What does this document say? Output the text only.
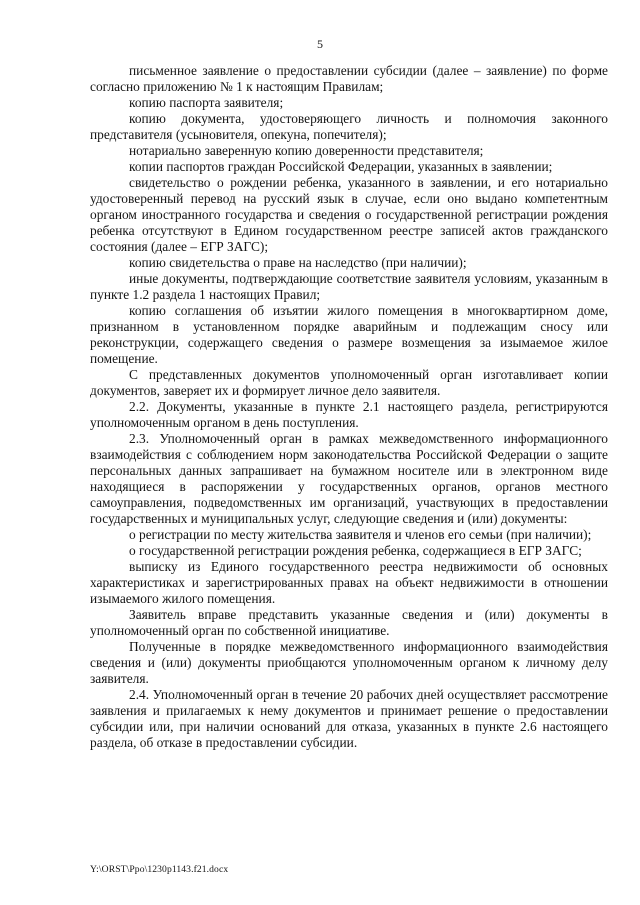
5

письменное заявление о предоставлении субсидии (далее – заявление) по форме согласно приложению № 1 к настоящим Правилам;

копию паспорта заявителя;

копию документа, удостоверяющего личность и полномочия законного представителя (усыновителя, опекуна, попечителя);

нотариально заверенную копию доверенности представителя;

копии паспортов граждан Российской Федерации, указанных в заявлении;

свидетельство о рождении ребенка, указанного в заявлении, и его нотариально удостоверенный перевод на русский язык в случае, если оно выдано компетентным органом иностранного государства и сведения о государственной регистрации рождения ребенка отсутствуют в Едином государственном реестре записей актов гражданского состояния (далее – ЕГР ЗАГС);

копию свидетельства о праве на наследство (при наличии);

иные документы, подтверждающие соответствие заявителя условиям, указанным в пункте 1.2 раздела 1 настоящих Правил;

копию соглашения об изъятии жилого помещения в многоквартирном доме, признанном в установленном порядке аварийным и подлежащим сносу или реконструкции, содержащего сведения о размере возмещения за изымаемое жилое помещение.

С представленных документов уполномоченный орган изготавливает копии документов, заверяет их и формирует личное дело заявителя.

2.2. Документы, указанные в пункте 2.1 настоящего раздела, регистрируются уполномоченным органом в день поступления.

2.3. Уполномоченный орган в рамках межведомственного информационного взаимодействия с соблюдением норм законодательства Российской Федерации о защите персональных данных запрашивает на бумажном носителе или в электронном виде находящиеся в распоряжении у государственных органов, органов местного самоуправления, подведомственных им организаций, участвующих в предоставлении государственных и муниципальных услуг, следующие сведения и (или) документы:

о регистрации по месту жительства заявителя и членов его семьи (при наличии);

о государственной регистрации рождения ребенка, содержащиеся в ЕГР ЗАГС;

выписку из Единого государственного реестра недвижимости об основных характеристиках и зарегистрированных правах на объект недвижимости в отношении изымаемого жилого помещения.

Заявитель вправе представить указанные сведения и (или) документы в уполномоченный орган по собственной инициативе.

Полученные в порядке межведомственного информационного взаимодействия сведения и (или) документы приобщаются уполномоченным органом к личному делу заявителя.

2.4. Уполномоченный орган в течение 20 рабочих дней осуществляет рассмотрение заявления и прилагаемых к нему документов и принимает решение о предоставлении субсидии или, при наличии оснований для отказа, указанных в пункте 2.6 настоящего раздела, об отказе в предоставлении субсидии.

Y:\ORST\Ppo\1230p1143.f21.docx
